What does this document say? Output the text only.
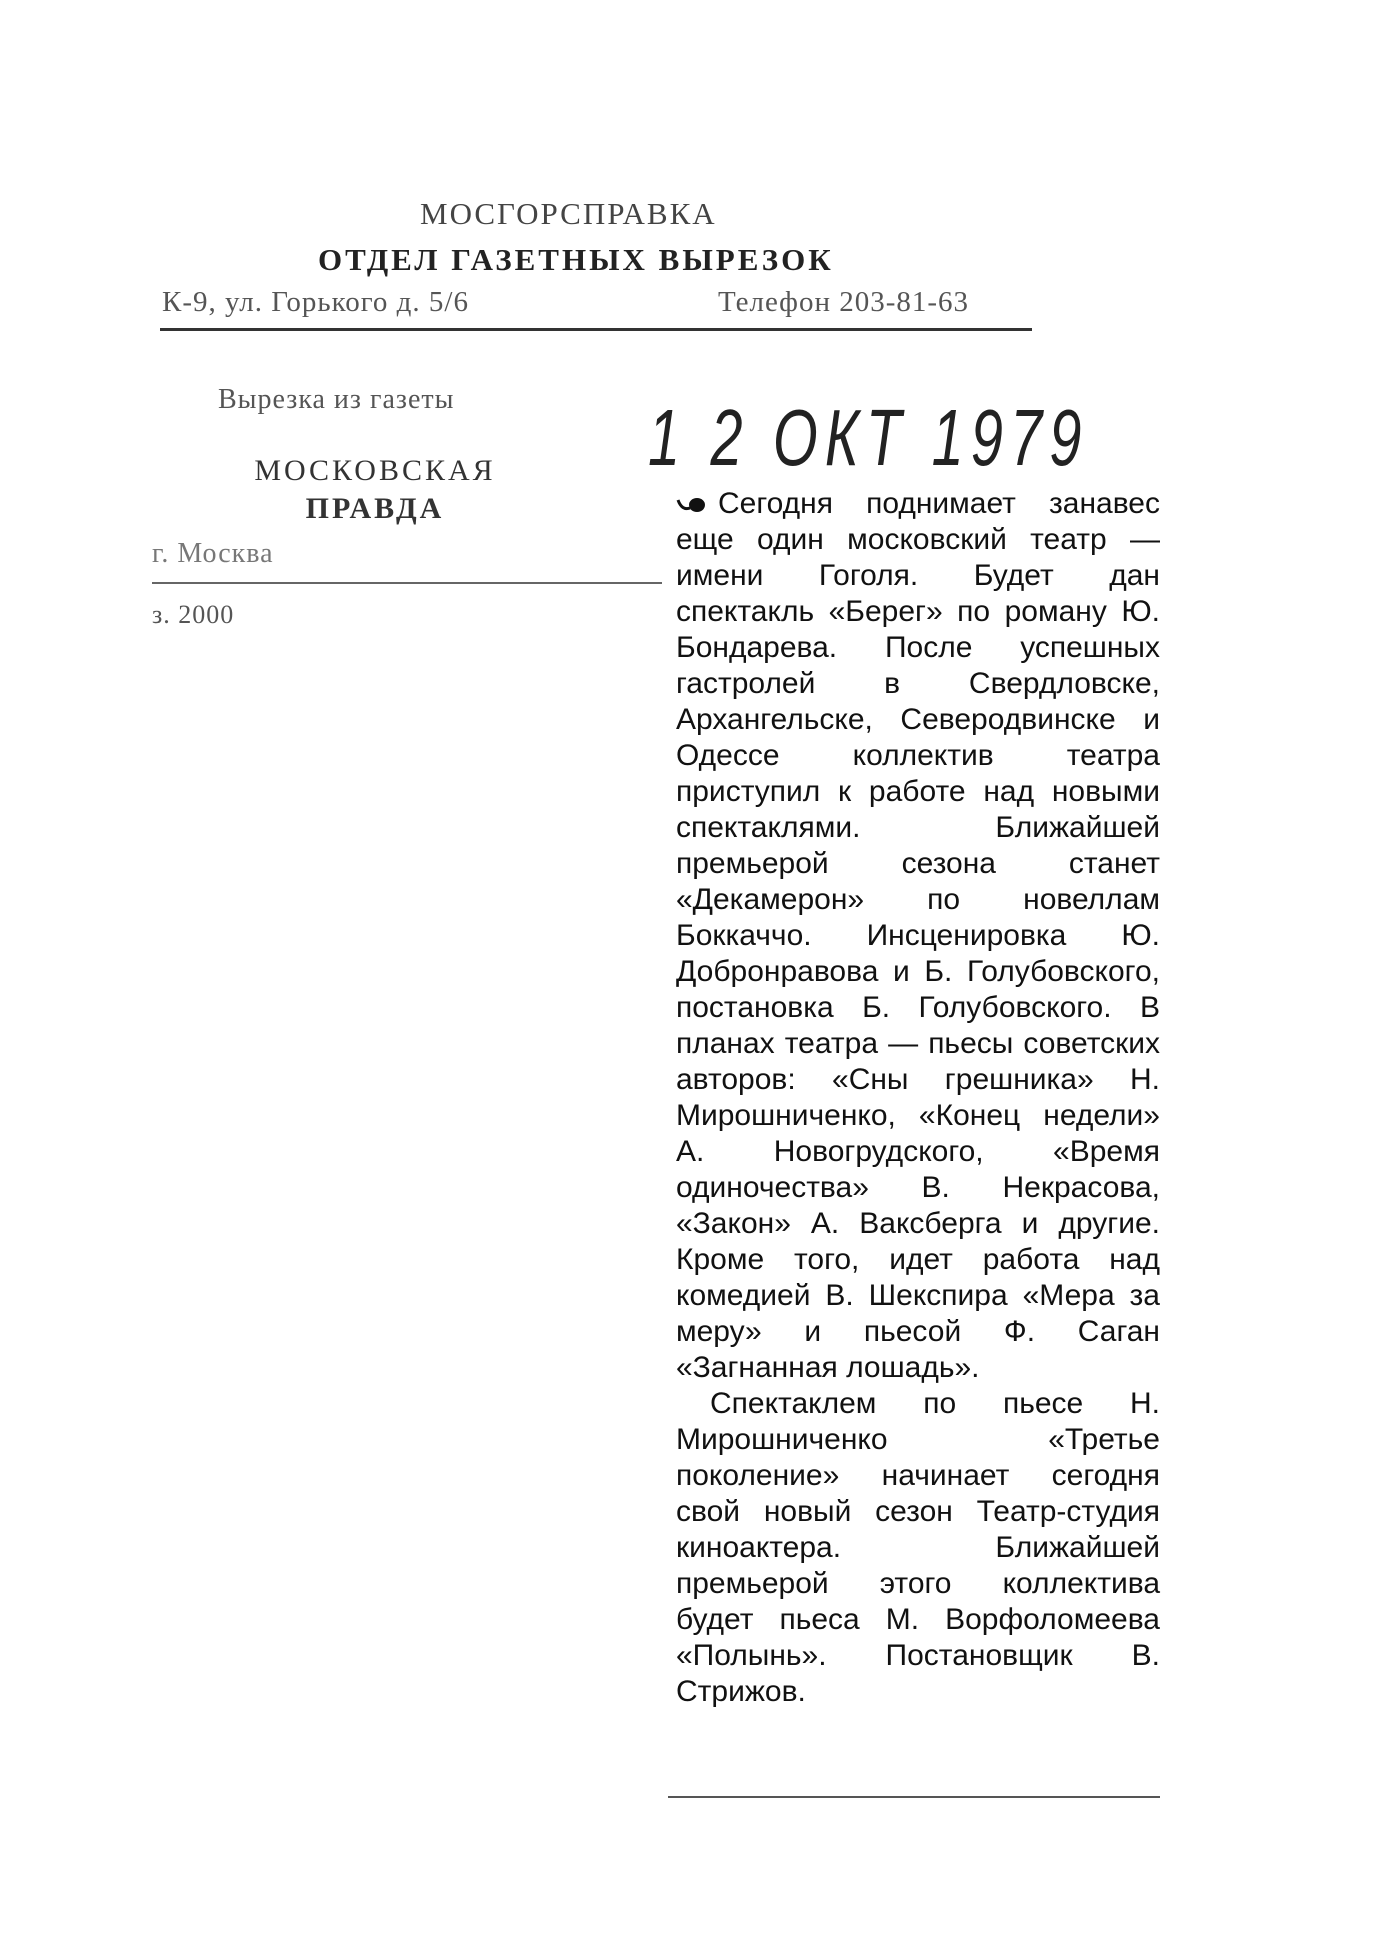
МОСГОРСПРАВКА
ОТДЕЛ ГАЗЕТНЫХ ВЫРЕЗОК
К-9, ул. Горького д. 5/6	Телефон 203-81-63
Вырезка из газеты
МОСКОВСКАЯ
ПРАВДА
г. Москва
з. 2000
1 2 ОКТ 1979

Сегодня поднимает занавес еще один московский театр — имени Гоголя. Будет дан спектакль «Берег» по роману Ю. Бондарева. После успешных гастролей в Свердловске, Архангельске, Северодвинске и Одессе коллектив театра приступил к работе над новыми спектаклями. Ближайшей премьерой сезона станет «Декамерон» по новеллам Боккаччо. Инсценировка Ю. Добронравова и Б. Голубовского, постановка Б. Голубовского. В планах театра — пьесы советских авторов: «Сны грешника» Н. Мирошниченко, «Конец недели» А. Новогрудского, «Время одиночества» В. Некрасова, «Закон» А. Ваксберга и другие. Кроме того, идет работа над комедией В. Шекспира «Мера за меру» и пьесой Ф. Саган «Загнанная лошадь».

Спектаклем по пьесе Н. Мирошниченко «Третье поколение» начинает сегодня свой новый сезон Театр-студия киноактера. Ближайшей премьерой этого коллектива будет пьеса М. Ворфоломеева «Полынь». Постановщик В. Стрижов.
